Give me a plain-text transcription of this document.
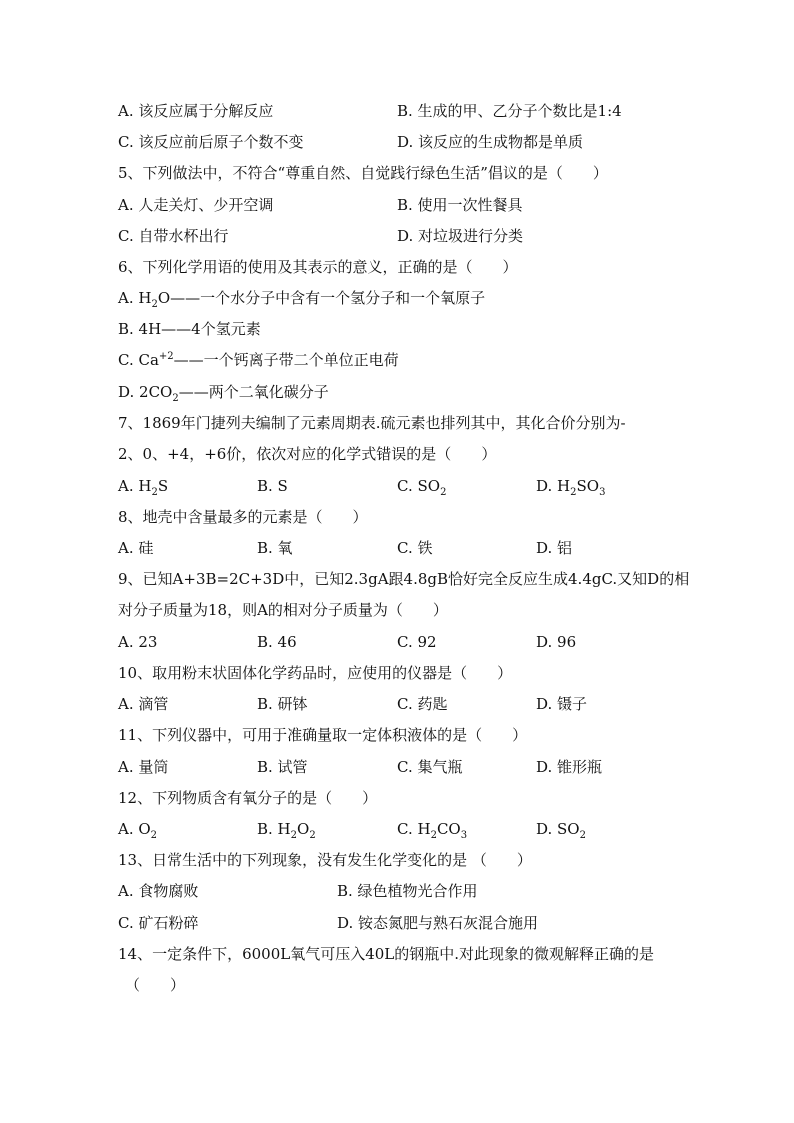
A. 该反应属于分解反应	B. 生成的甲、乙分子个数比是1:4
C. 该反应前后原子个数不变	D. 该反应的生成物都是单质
5、下列做法中，不符合“尊重自然、自觉践行绿色生活”倡议的是（　　）
A. 人走关灯、少开空调	B. 使用一次性餐具
C. 自带水杯出行	D. 对垃圾进行分类
6、下列化学用语的使用及其表示的意义，正确的是（　　）
A. $H_2O——$一个水分子中含有一个氢分子和一个氧原子
B. 4H——4个氢元素
C. $Ca^{+2}——$一个钙离子带二个单位正电荷
D. $2CO_2——$两个二氧化碳分子
7、1869年门捷列夫编制了元素周期表.硫元素也排列其中，其化合价分别为-
2、0、+4，+6价，依次对应的化学式错误的是（　　）
A. $H_2S$	B. S	C. $SO_2$	D. $H_2SO_3$
8、地壳中含量最多的元素是（　　）
A. 硅	B. 氧	C. 铁	D. 铝
9、已知A+3B=2C+3D中，已知2.3gA跟4.8gB恰好完全反应生成4.4gC.又知D的相
对分子质量为18，则A的相对分子质量为（　　）
A. 23	B. 46	C. 92	D. 96
10、取用粉末状固体化学药品时，应使用的仪器是（　　）
A. 滴管	B. 研钵	C. 药匙	D. 镊子
11、下列仪器中，可用于准确量取一定体积液体的是（　　）
A. 量筒	B. 试管	C. 集气瓶	D. 锥形瓶
12、下列物质含有氧分子的是（　　）
A. $O_2$	B. $H_2O_2$	C. $H_2CO_3$	D. $SO_2$
13、日常生活中的下列现象，没有发生化学变化的是 （　　）
A. 食物腐败	B. 绿色植物光合作用
C. 矿石粉碎	D. 铵态氮肥与熟石灰混合施用
14、一定条件下，6000L氧气可压入40L的钢瓶中.对此现象的微观解释正确的是
（　　）
